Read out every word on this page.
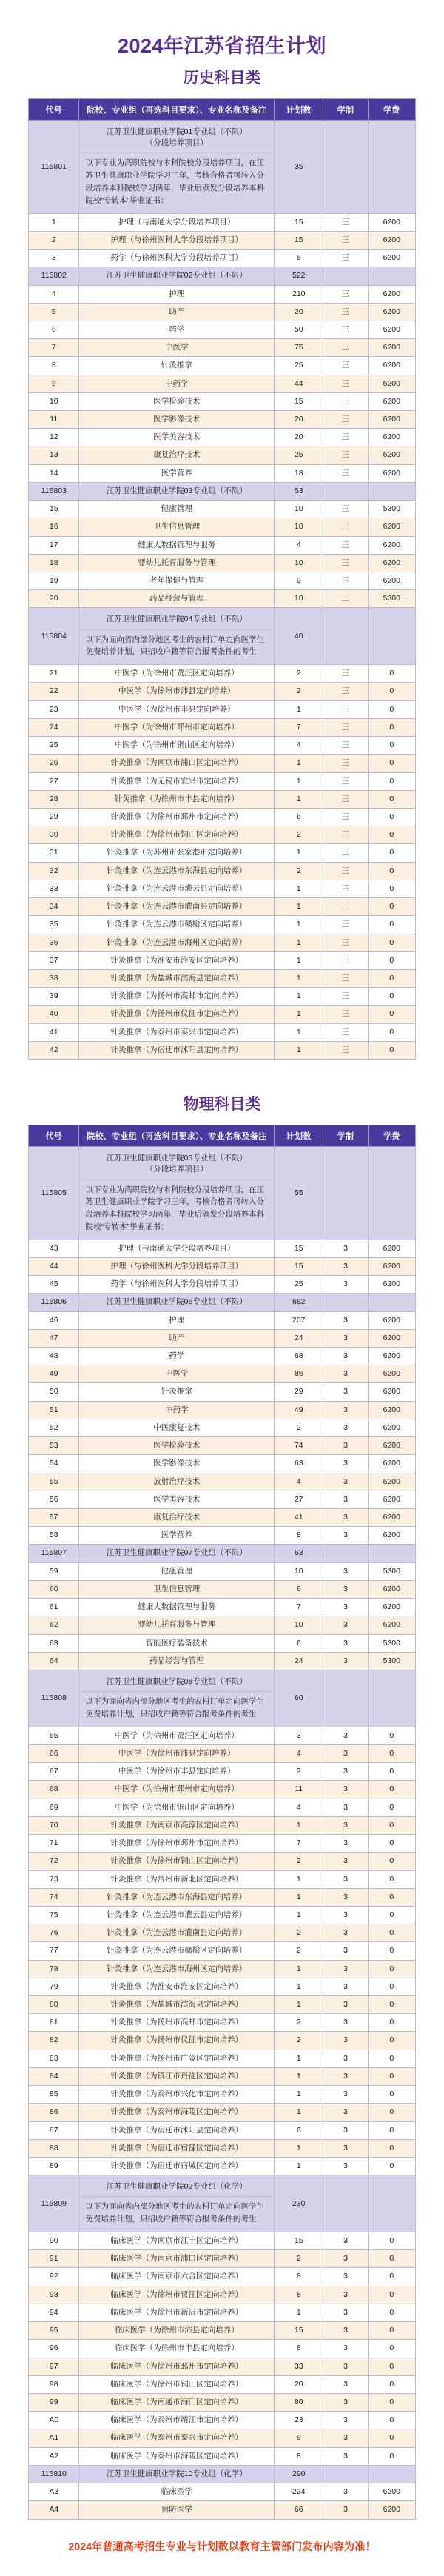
2024年江苏省招生计划
历史科目类
代号	院校、专业组（再选科目要求）、专业名称及备注	计划数	学制	学费
115801	江苏卫生健康职业学院01专业组（不限）
（分段培养项目）
以下专业为高职院校与本科院校分段培养项目，在江苏卫生健康职业学院学习三年，考核合格者可转入分段培养本科院校学习两年，毕业后颁发分段培养本科院校“专转本”毕业证书：	35		
1	护理（与南通大学分段培养项目）	15	三	6200
2	护理（与徐州医科大学分段培养项目）	15	三	6200
3	药学（与徐州医科大学分段培养项目）	5	三	6200
115802	江苏卫生健康职业学院02专业组（不限）	522		
4	护理	210	三	6200
5	助产	20	三	6200
6	药学	50	三	6200
7	中医学	75	三	6200
8	针灸推拿	25	三	6200
9	中药学	44	三	6200
10	医学检验技术	15	三	6200
11	医学影像技术	20	三	6200
12	医学美容技术	20	三	6200
13	康复治疗技术	25	三	6200
14	医学营养	18	三	6200
115803	江苏卫生健康职业学院03专业组（不限）	53		
15	健康管理	10	三	5300
16	卫生信息管理	10	三	6200
17	健康大数据管理与服务	4	三	6200
18	婴幼儿托育服务与管理	10	三	6200
19	老年保健与管理	9	三	6200
20	药品经营与管理	10	三	5300
115804	江苏卫生健康职业学院04专业组（不限）
以下为面向省内部分地区考生的农村订单定向医学生免费培养计划，只招收户籍等符合报考条件的考生	40		
21	中医学（为徐州市贾汪区定向培养）	2	三	0
22	中医学（为徐州市沛县定向培养）	2	三	0
23	中医学（为徐州市丰县定向培养）	1	三	0
24	中医学（为徐州市邳州市定向培养）	7	三	0
25	中医学（为徐州市铜山区定向培养）	4	三	0
26	针灸推拿（为南京市浦口区定向培养）	1	三	0
27	针灸推拿（为无锡市宜兴市定向培养）	1	三	0
28	针灸推拿（为徐州市丰县定向培养）	1	三	0
29	针灸推拿（为徐州市邳州市定向培养）	6	三	0
30	针灸推拿（为徐州市铜山区定向培养）	2	三	0
31	针灸推拿（为苏州市张家港市定向培养）	1	三	0
32	针灸推拿（为连云港市东海县定向培养）	2	三	0
33	针灸推拿（为连云港市灌云县定向培养）	1	三	0
34	针灸推拿（为连云港市灌南县定向培养）	1	三	0
35	针灸推拿（为连云港市赣榆区定向培养）	1	三	0
36	针灸推拿（为连云港市海州区定向培养）	1	三	0
37	针灸推拿（为淮安市淮安区定向培养）	1	三	0
38	针灸推拿（为盐城市滨海县定向培养）	1	三	0
39	针灸推拿（为扬州市高邮市定向培养）	1	三	0
40	针灸推拿（为扬州市仪征市定向培养）	1	三	0
41	针灸推拿（为泰州市泰兴市定向培养）	1	三	0
42	针灸推拿（为宿迁市沭阳县定向培养）	1	三	0
物理科目类
代号	院校、专业组（再选科目要求）、专业名称及备注	计划数	学制	学费
115805	江苏卫生健康职业学院05专业组（不限）
（分段培养项目）
以下专业为高职院校与本科院校分段培养项目，在江苏卫生健康职业学院学习三年，考核合格者可转入分段培养本科院校学习两年，毕业后颁发分段培养本科院校“专转本”毕业证书：	55		
43	护理（与南通大学分段培养项目）	15	3	6200
44	护理（与徐州医科大学分段培养项目）	15	3	6200
45	药学（与徐州医科大学分段培养项目）	25	3	6200
115806	江苏卫生健康职业学院06专业组（不限）	682		
46	护理	207	3	6200
47	助产	24	3	6200
48	药学	68	3	6200
49	中医学	86	3	6200
50	针灸推拿	29	3	6200
51	中药学	49	3	6200
52	中医康复技术	2	3	6200
53	医学检验技术	74	3	6200
54	医学影像技术	63	3	6200
55	放射治疗技术	4	3	6200
56	医学美容技术	27	3	6200
57	康复治疗技术	41	3	6200
58	医学营养	8	3	6200
115807	江苏卫生健康职业学院07专业组（不限）	63		
59	健康管理	10	3	5300
60	卫生信息管理	6	3	6200
61	健康大数据管理与服务	7	3	6200
62	婴幼儿托育服务与管理	10	3	6200
63	智能医疗装备技术	6	3	5300
64	药品经营与管理	24	3	5300
115808	江苏卫生健康职业学院08专业组（不限）
以下为面向省内部分地区考生的农村订单定向医学生免费培养计划，只招收户籍等符合报考条件的考生	60		
65	中医学（为徐州市贾汪区定向培养）	3	3	0
66	中医学（为徐州市沛县定向培养）	4	3	0
67	中医学（为徐州市丰县定向培养）	2	3	0
68	中医学（为徐州市邳州市定向培养）	11	3	0
69	中医学（为徐州市铜山区定向培养）	4	3	0
70	针灸推拿（为南京市高淳区定向培养）	1	3	0
71	针灸推拿（为徐州市邳州市定向培养）	7	3	0
72	针灸推拿（为徐州市铜山区定向培养）	2	3	0
73	针灸推拿（为常州市新北区定向培养）	1	3	0
74	针灸推拿（为连云港市东海县定向培养）	1	3	0
75	针灸推拿（为连云港市灌云县定向培养）	1	3	0
76	针灸推拿（为连云港市灌南县定向培养）	2	3	0
77	针灸推拿（为连云港市赣榆区定向培养）	2	3	0
78	针灸推拿（为连云港市海州区定向培养）	1	3	0
79	针灸推拿（为淮安市淮安区定向培养）	1	3	0
80	针灸推拿（为盐城市滨海县定向培养）	1	3	0
81	针灸推拿（为扬州市高邮市定向培养）	2	3	0
82	针灸推拿（为扬州市仪征市定向培养）	2	3	0
83	针灸推拿（为扬州市广陵区定向培养）	1	3	0
84	针灸推拿（为镇江市丹徒区定向培养）	1	3	0
85	针灸推拿（为泰州市兴化市定向培养）	1	3	0
86	针灸推拿（为泰州市海陵区定向培养）	1	3	0
87	针灸推拿（为宿迁市沭阳县定向培养）	6	3	0
88	针灸推拿（为宿迁市宿豫区定向培养）	1	3	0
89	针灸推拿（为宿迁市宿城区定向培养）	1	3	0
115809	江苏卫生健康职业学院09专业组（化学）
以下为面向省内部分地区考生的农村订单定向医学生免费培养计划，只招收户籍等符合报考条件的考生	230		
90	临床医学（为南京市江宁区定向培养）	15	3	0
91	临床医学（为南京市浦口区定向培养）	2	3	0
92	临床医学（为南京市六合区定向培养）	8	3	0
93	临床医学（为徐州市贾汪区定向培养）	8	3	0
94	临床医学（为徐州市新沂市定向培养）	1	3	0
95	临床医学（为徐州市沛县定向培养）	15	3	0
96	临床医学（为徐州市丰县定向培养）	8	3	0
97	临床医学（为徐州市邳州市定向培养）	33	3	0
98	临床医学（为徐州市铜山区定向培养）	20	3	0
99	临床医学（为南通市海门区定向培养）	80	3	0
A0	临床医学（为泰州市靖江市定向培养）	23	3	0
A1	临床医学（为泰州市泰兴市定向培养）	9	3	0
A2	临床医学（为泰州市海陵区定向培养）	8	3	0
115810	江苏卫生健康职业学院10专业组（化学）	290		
A3	临床医学	224	3	6200
A4	预防医学	66	3	6200
2024年普通高考招生专业与计划数以教育主管部门发布内容为准！
